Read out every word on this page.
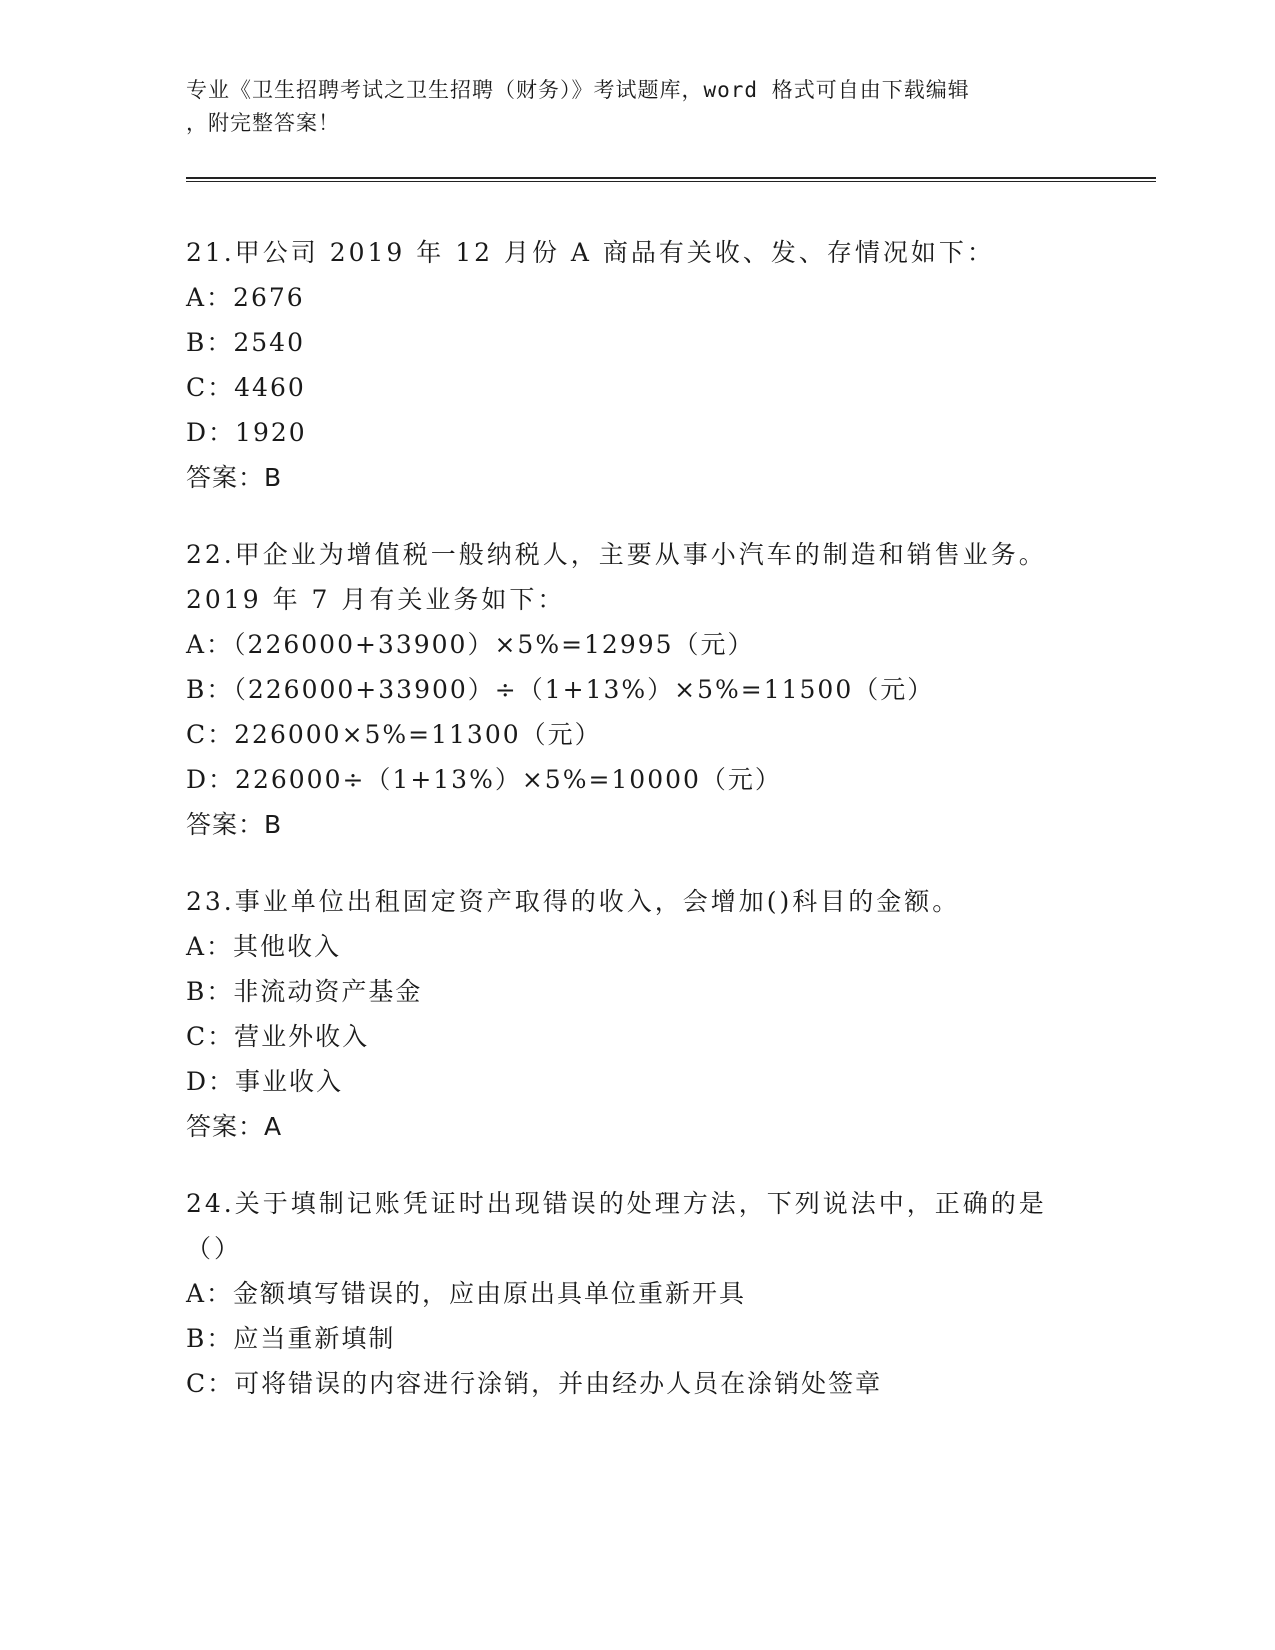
专业《卫生招聘考试之卫生招聘（财务）》考试题库，word 格式可自由下载编辑

，附完整答案！

21.甲公司 2019 年 12 月份 A 商品有关收、发、存情况如下：
A：2676
B：2540
C：4460
D：1920
答案：B
22.甲企业为增值税一般纳税人，主要从事小汽车的制造和销售业务。
2019 年 7 月有关业务如下：
A：（226000+33900）×5%=12995（元）
B：（226000+33900）÷（1+13%）×5%=11500（元）
C：226000×5%=11300（元）
D：226000÷（1+13%）×5%=10000（元）
答案：B
23.事业单位出租固定资产取得的收入，会增加()科目的金额。
A：其他收入
B：非流动资产基金
C：营业外收入
D：事业收入
答案：A
24.关于填制记账凭证时出现错误的处理方法，下列说法中，正确的是
（）
A：金额填写错误的，应由原出具单位重新开具
B：应当重新填制
C：可将错误的内容进行涂销，并由经办人员在涂销处签章
